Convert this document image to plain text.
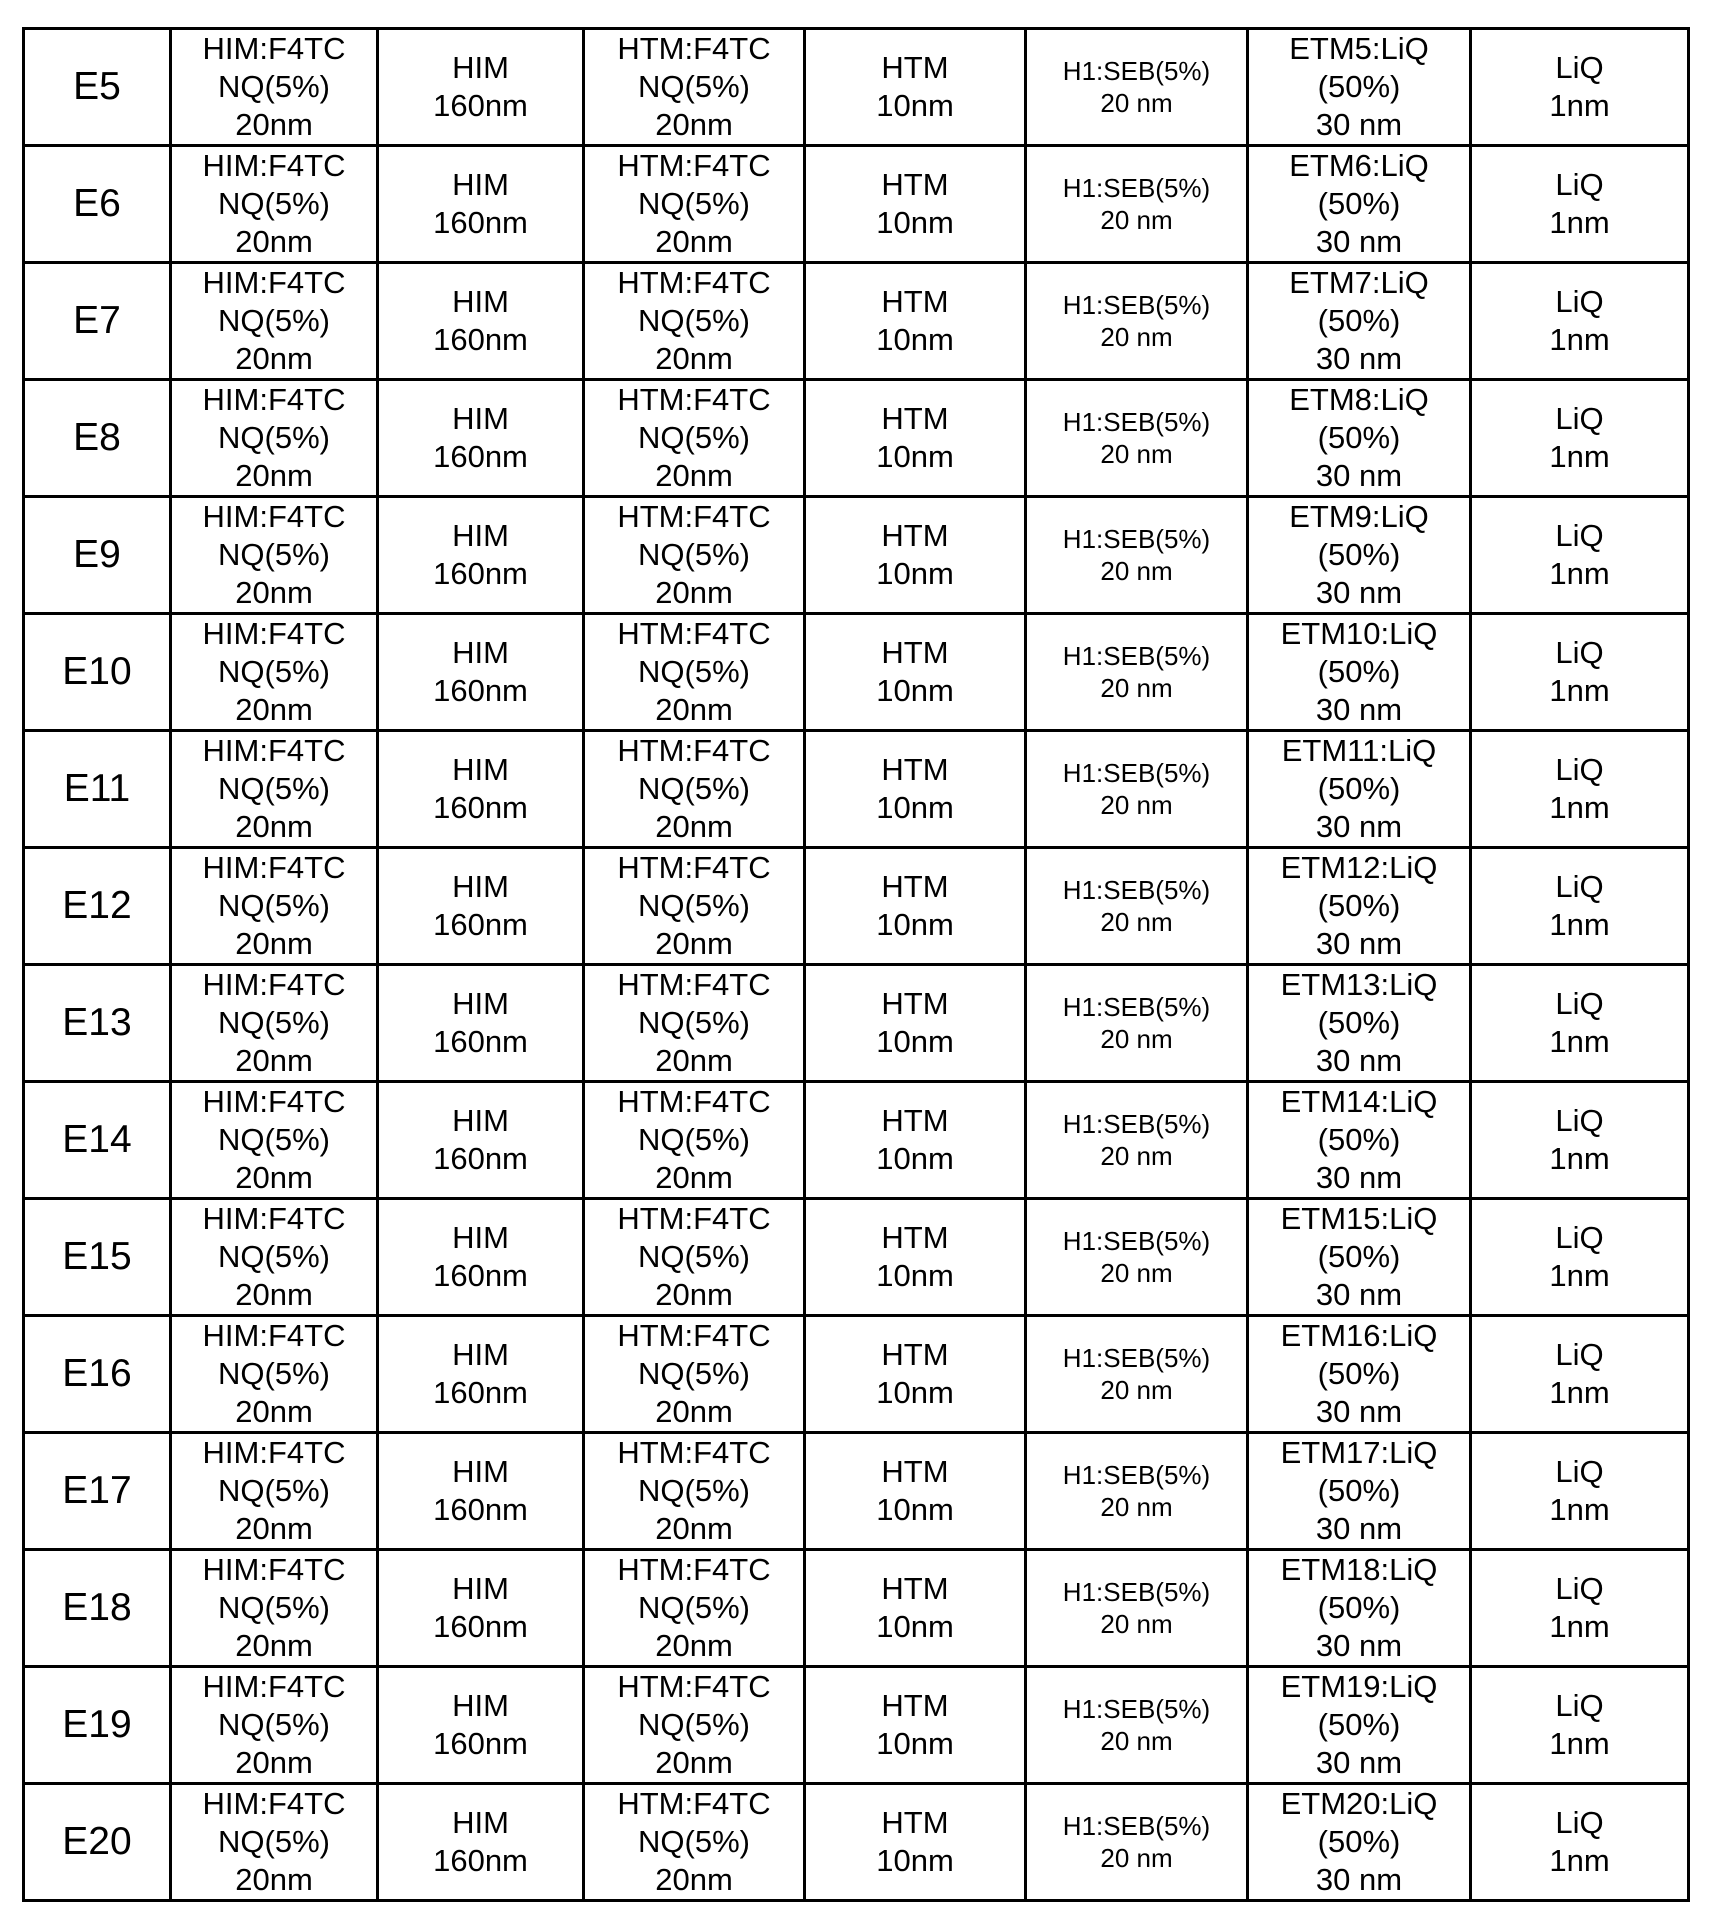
E5	HIM:F4TC
NQ(5%)
20nm	HIM
160nm	HTM:F4TC
NQ(5%)
20nm	HTM
10nm	H1:SEB(5%)
20 nm	ETM5:LiQ
(50%)
30 nm	LiQ
1nm

E6	HIM:F4TC
NQ(5%)
20nm	HIM
160nm	HTM:F4TC
NQ(5%)
20nm	HTM
10nm	H1:SEB(5%)
20 nm	ETM6:LiQ
(50%)
30 nm	LiQ
1nm

E7	HIM:F4TC
NQ(5%)
20nm	HIM
160nm	HTM:F4TC
NQ(5%)
20nm	HTM
10nm	H1:SEB(5%)
20 nm	ETM7:LiQ
(50%)
30 nm	LiQ
1nm

E8	HIM:F4TC
NQ(5%)
20nm	HIM
160nm	HTM:F4TC
NQ(5%)
20nm	HTM
10nm	H1:SEB(5%)
20 nm	ETM8:LiQ
(50%)
30 nm	LiQ
1nm

E9	HIM:F4TC
NQ(5%)
20nm	HIM
160nm	HTM:F4TC
NQ(5%)
20nm	HTM
10nm	H1:SEB(5%)
20 nm	ETM9:LiQ
(50%)
30 nm	LiQ
1nm

E10	HIM:F4TC
NQ(5%)
20nm	HIM
160nm	HTM:F4TC
NQ(5%)
20nm	HTM
10nm	H1:SEB(5%)
20 nm	ETM10:LiQ
(50%)
30 nm	LiQ
1nm

E11	HIM:F4TC
NQ(5%)
20nm	HIM
160nm	HTM:F4TC
NQ(5%)
20nm	HTM
10nm	H1:SEB(5%)
20 nm	ETM11:LiQ
(50%)
30 nm	LiQ
1nm

E12	HIM:F4TC
NQ(5%)
20nm	HIM
160nm	HTM:F4TC
NQ(5%)
20nm	HTM
10nm	H1:SEB(5%)
20 nm	ETM12:LiQ
(50%)
30 nm	LiQ
1nm

E13	HIM:F4TC
NQ(5%)
20nm	HIM
160nm	HTM:F4TC
NQ(5%)
20nm	HTM
10nm	H1:SEB(5%)
20 nm	ETM13:LiQ
(50%)
30 nm	LiQ
1nm

E14	HIM:F4TC
NQ(5%)
20nm	HIM
160nm	HTM:F4TC
NQ(5%)
20nm	HTM
10nm	H1:SEB(5%)
20 nm	ETM14:LiQ
(50%)
30 nm	LiQ
1nm

E15	HIM:F4TC
NQ(5%)
20nm	HIM
160nm	HTM:F4TC
NQ(5%)
20nm	HTM
10nm	H1:SEB(5%)
20 nm	ETM15:LiQ
(50%)
30 nm	LiQ
1nm

E16	HIM:F4TC
NQ(5%)
20nm	HIM
160nm	HTM:F4TC
NQ(5%)
20nm	HTM
10nm	H1:SEB(5%)
20 nm	ETM16:LiQ
(50%)
30 nm	LiQ
1nm

E17	HIM:F4TC
NQ(5%)
20nm	HIM
160nm	HTM:F4TC
NQ(5%)
20nm	HTM
10nm	H1:SEB(5%)
20 nm	ETM17:LiQ
(50%)
30 nm	LiQ
1nm

E18	HIM:F4TC
NQ(5%)
20nm	HIM
160nm	HTM:F4TC
NQ(5%)
20nm	HTM
10nm	H1:SEB(5%)
20 nm	ETM18:LiQ
(50%)
30 nm	LiQ
1nm

E19	HIM:F4TC
NQ(5%)
20nm	HIM
160nm	HTM:F4TC
NQ(5%)
20nm	HTM
10nm	H1:SEB(5%)
20 nm	ETM19:LiQ
(50%)
30 nm	LiQ
1nm

E20	HIM:F4TC
NQ(5%)
20nm	HIM
160nm	HTM:F4TC
NQ(5%)
20nm	HTM
10nm	H1:SEB(5%)
20 nm	ETM20:LiQ
(50%)
30 nm	LiQ
1nm
